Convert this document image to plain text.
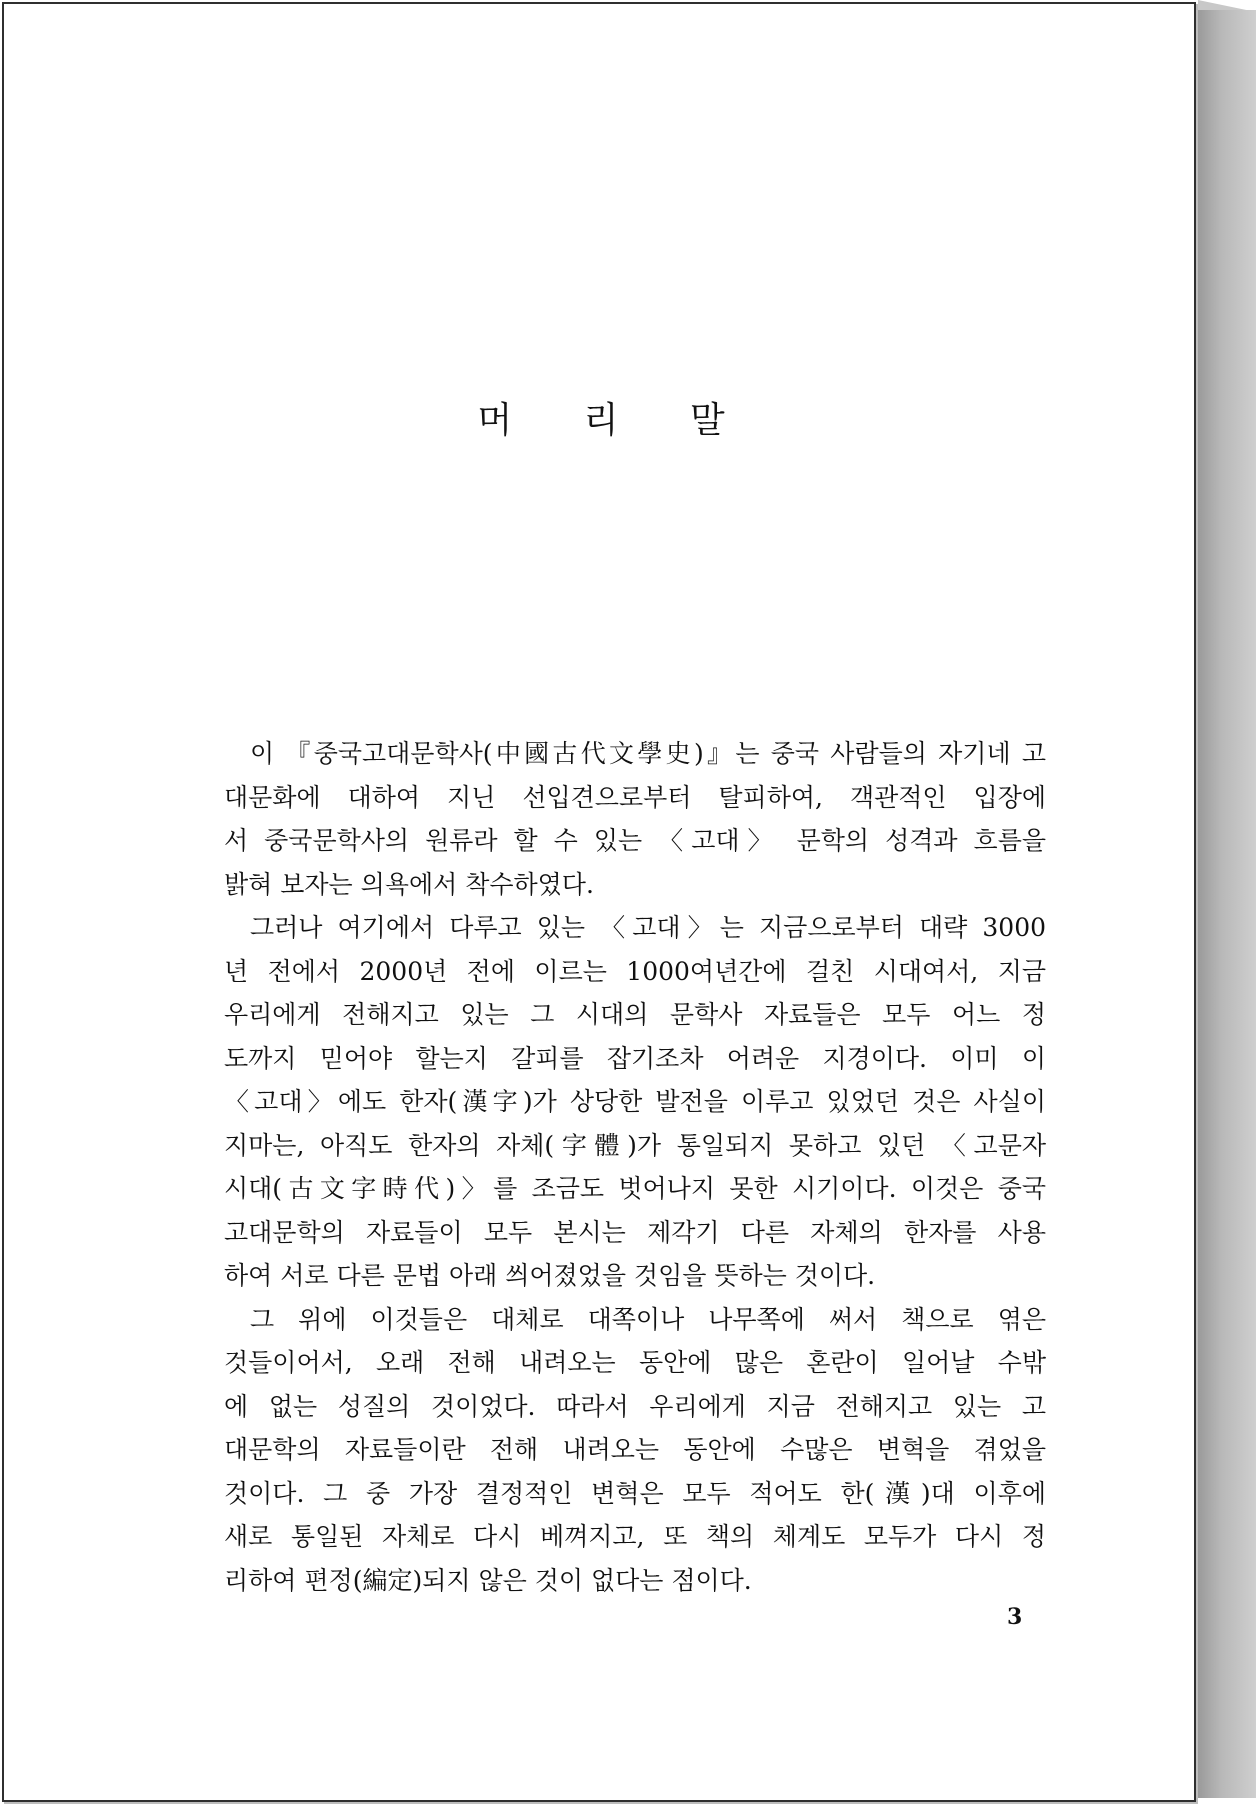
머 리 말
이 『중국고대문학사(中國古代文學史)』는 중국 사람들의 자기네 고
대문화에 대하여 지닌 선입견으로부터 탈피하여, 객관적인 입장에
서 중국문학사의 원류라 할 수 있는 〈고대〉 문학의 성격과 흐름을
밝혀 보자는 의욕에서 착수하였다.
그러나 여기에서 다루고 있는 〈고대〉는 지금으로부터 대략 3000
년 전에서 2000년 전에 이르는 1000여년간에 걸친 시대여서, 지금
우리에게 전해지고 있는 그 시대의 문학사 자료들은 모두 어느 정
도까지 믿어야 할는지 갈피를 잡기조차 어려운 지경이다. 이미 이
〈고대〉에도 한자(漢字)가 상당한 발전을 이루고 있었던 것은 사실이
지마는, 아직도 한자의 자체(字體)가 통일되지 못하고 있던 〈고문자
시대(古文字時代)〉를 조금도 벗어나지 못한 시기이다. 이것은 중국
고대문학의 자료들이 모두 본시는 제각기 다른 자체의 한자를 사용
하여 서로 다른 문법 아래 씌어졌었을 것임을 뜻하는 것이다.
그 위에 이것들은 대체로 대쪽이나 나무쪽에 써서 책으로 엮은
것들이어서, 오래 전해 내려오는 동안에 많은 혼란이 일어날 수밖
에 없는 성질의 것이었다. 따라서 우리에게 지금 전해지고 있는 고
대문학의 자료들이란 전해 내려오는 동안에 수많은 변혁을 겪었을
것이다. 그 중 가장 결정적인 변혁은 모두 적어도 한(漢)대 이후에
새로 통일된 자체로 다시 베껴지고, 또 책의 체계도 모두가 다시 정
리하여 편정(編定)되지 않은 것이 없다는 점이다.
3
